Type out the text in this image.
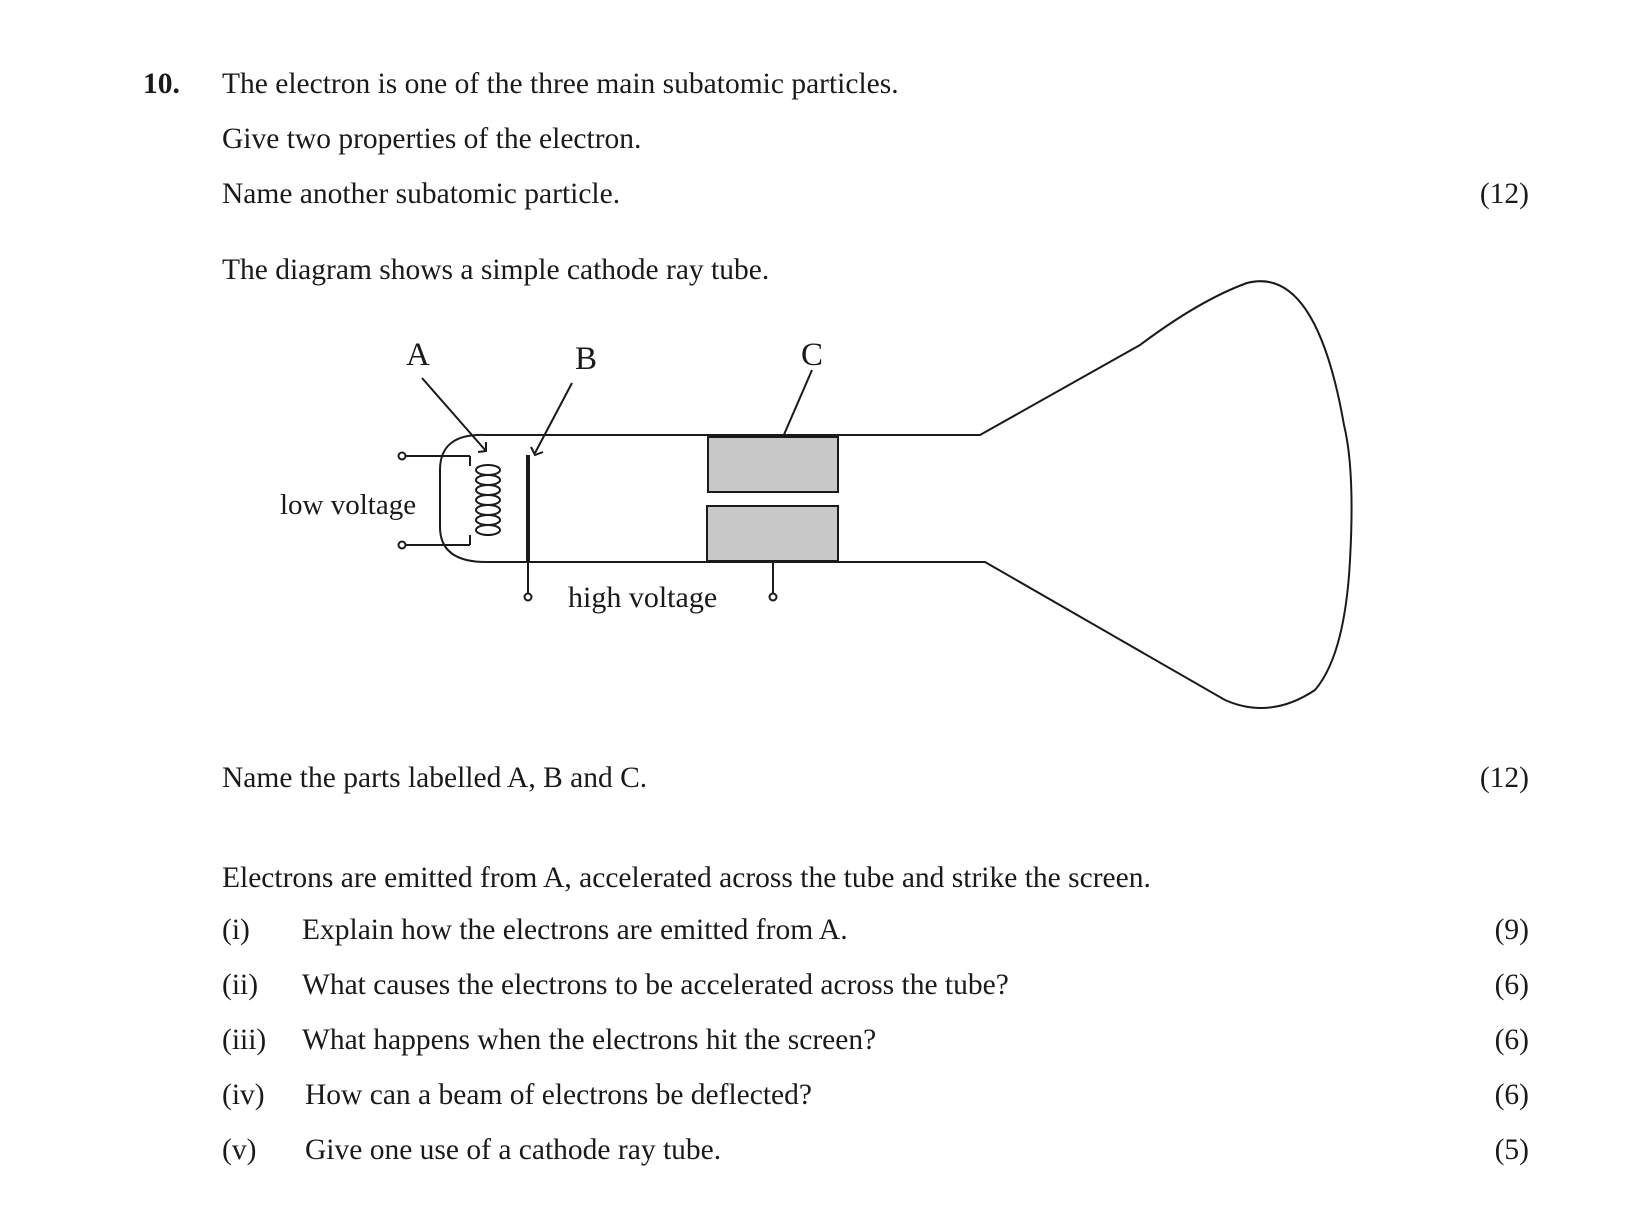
10. The electron is one of the three main subatomic particles.
Give two properties of the electron.
Name another subatomic particle.	(12)
The diagram shows a simple cathode ray tube.
A	B	C
low voltage
high voltage
Name the parts labelled A, B and C.	(12)
Electrons are emitted from A, accelerated across the tube and strike the screen.
(i) Explain how the electrons are emitted from A.	(9)
(ii) What causes the electrons to be accelerated across the tube?	(6)
(iii) What happens when the electrons hit the screen?	(6)
(iv) How can a beam of electrons be deflected?	(6)
(v) Give one use of a cathode ray tube.	(5)
